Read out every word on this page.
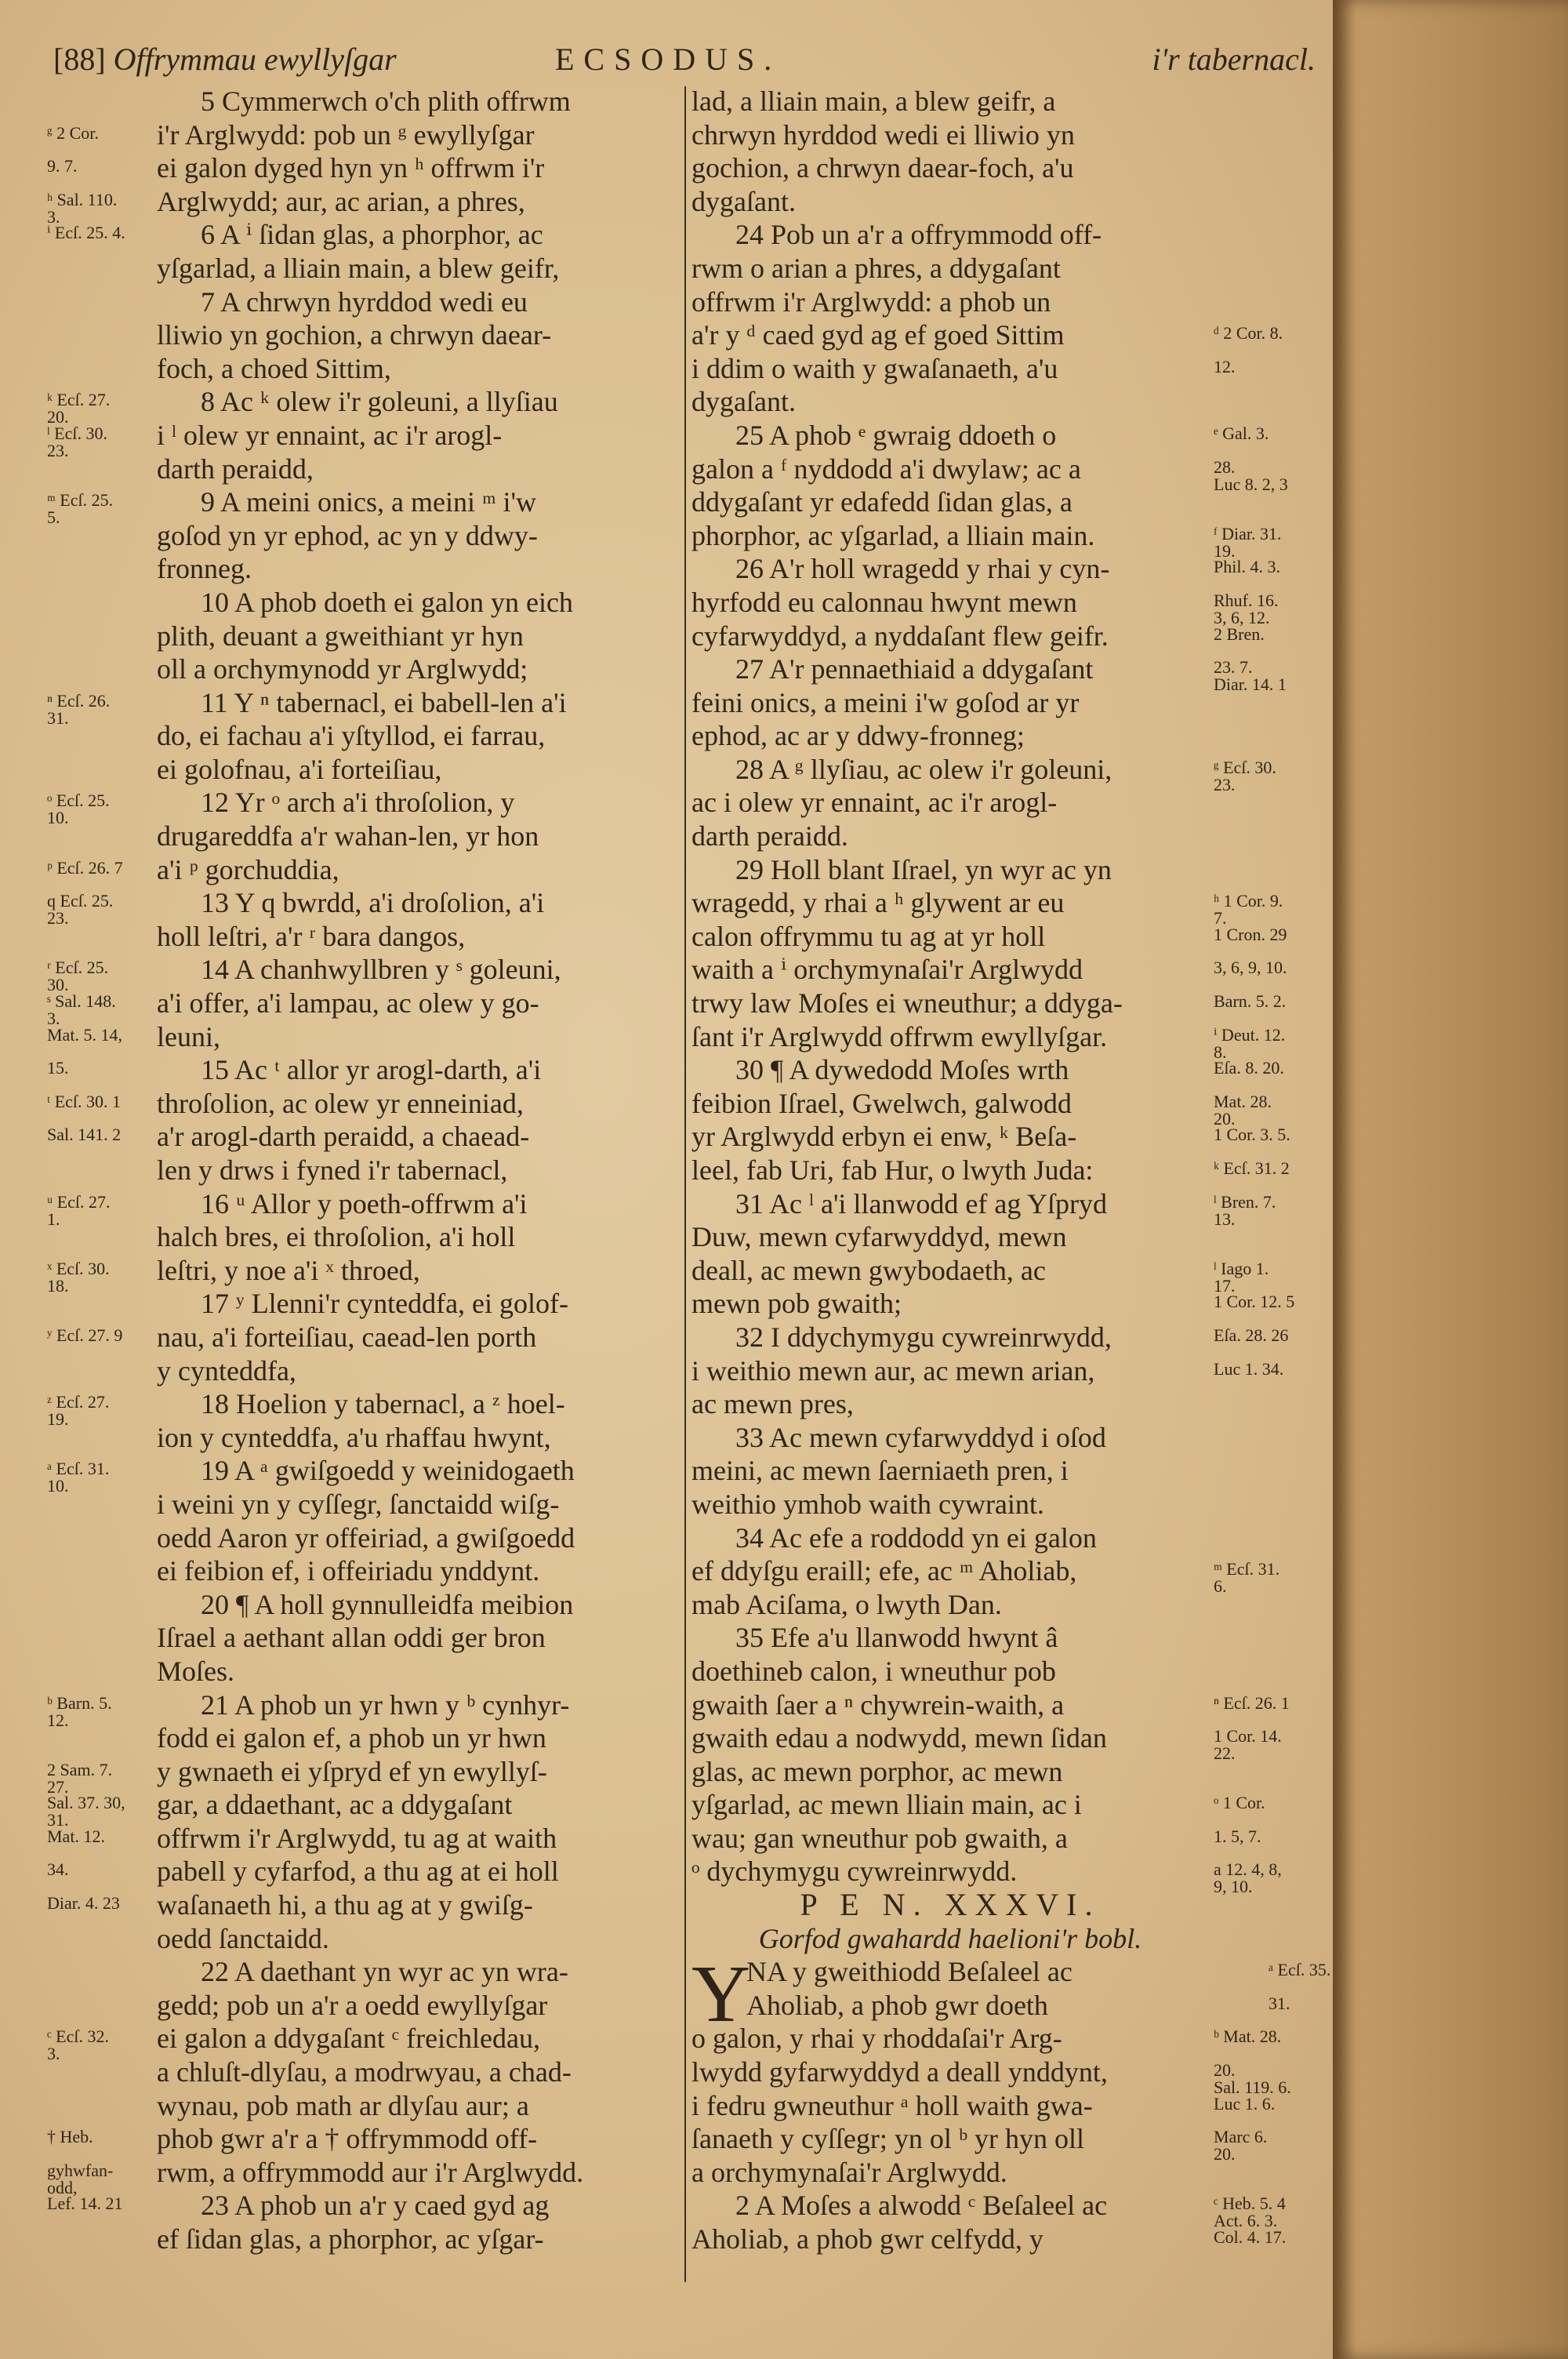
[88] Offrymmau ewyllyſgar	ECSODUS.	i'r tabernacl.
5 Cymmerwch o'ch plith offrwm
ᵍ 2 Cor.	i'r Arglwydd: pob un ᵍ ewyllyſgar
9. 7.	ei galon dyged hyn yn ʰ offrwm i'r
ʰ Sal. 110.
3.	Arglwydd; aur, ac arian, a phres,
ⁱ Ecſ. 25. 4.	6 A ⁱ ſidan glas, a phorphor, ac
yſgarlad, a lliain main, a blew geifr,
7 A chrwyn hyrddod wedi eu
lliwio yn gochion, a chrwyn daear-
foch, a choed Sittim,
ᵏ Ecſ. 27.
20.	8 Ac ᵏ olew i'r goleuni, a llyſiau
ˡ Ecſ. 30.
23.	i ˡ olew yr ennaint, ac i'r arogl-
darth peraidd,
ᵐ Ecſ. 25.
5.	9 A meini onics, a meini ᵐ i'w
goſod yn yr ephod, ac yn y ddwy-
fronneg.
10 A phob doeth ei galon yn eich
plith, deuant a gweithiant yr hyn
oll a orchymynodd yr Arglwydd;
ⁿ Ecſ. 26.
31.	11 Y ⁿ tabernacl, ei babell-len a'i
do, ei fachau a'i yſtyllod, ei farrau,
ei golofnau, a'i forteiſiau,
ᵒ Ecſ. 25.
10.	12 Yr ᵒ arch a'i throſolion, y
drugareddfa a'r wahan-len, yr hon
ᵖ Ecſ. 26. 7	a'i ᵖ gorchuddia,
q Ecſ. 25.
23.	13 Y q bwrdd, a'i droſolion, a'i
holl leſtri, a'r ʳ bara dangos,
ʳ Ecſ. 25.
30.	14 A chanhwyllbren y ˢ goleuni,
ˢ Sal. 148.
3.	a'i offer, a'i lampau, ac olew y go-
Mat. 5. 14,	leuni,
15.	15 Ac ᵗ allor yr arogl-darth, a'i
ᵗ Ecſ. 30. 1	throſolion, ac olew yr enneiniad,
Sal. 141. 2	a'r arogl-darth peraidd, a chaead-
len y drws i fyned i'r tabernacl,
ᵘ Ecſ. 27.
1.	16 ᵘ Allor y poeth-offrwm a'i
halch bres, ei throſolion, a'i holl
ˣ Ecſ. 30.
18.	leſtri, y noe a'i ˣ throed,
17 ʸ Llenni'r cynteddfa, ei golof-
ʸ Ecſ. 27. 9	nau, a'i forteiſiau, caead-len porth
y cynteddfa,
ᶻ Ecſ. 27.
19.	18 Hoelion y tabernacl, a ᶻ hoel-
ion y cynteddfa, a'u rhaffau hwynt,
ᵃ Ecſ. 31.
10.	19 A ᵃ gwiſgoedd y weinidogaeth
i weini yn y cyſſegr, ſanctaidd wiſg-
oedd Aaron yr offeiriad, a gwiſgoedd
ei feibion ef, i offeiriadu ynddynt.
20 ¶ A holl gynnulleidfa meibion
Iſrael a aethant allan oddi ger bron
Moſes.
ᵇ Barn. 5.
12.	21 A phob un yr hwn y ᵇ cynhyr-
fodd ei galon ef, a phob un yr hwn
2 Sam. 7.
27.	y gwnaeth ei yſpryd ef yn ewyllyſ-
Sal. 37. 30,
31.	gar, a ddaethant, ac a ddygaſant
Mat. 12.	offrwm i'r Arglwydd, tu ag at waith
34.	pabell y cyfarfod, a thu ag at ei holl
Diar. 4. 23	waſanaeth hi, a thu ag at y gwiſg-
oedd ſanctaidd.
22 A daethant yn wyr ac yn wra-
gedd; pob un a'r a oedd ewyllyſgar
ᶜ Ecſ. 32.
3.	ei galon a ddygaſant ᶜ freichledau,
a chluſt-dlyſau, a modrwyau, a chad-
wynau, pob math ar dlyſau aur; a
† Heb.	phob gwr a'r a † offrymmodd off-
gyhwfan-
odd,	rwm, a offrymmodd aur i'r Arglwydd.
Lef. 14. 21	23 A phob un a'r y caed gyd ag
ef ſidan glas, a phorphor, ac yſgar-
lad, a lliain main, a blew geifr, a
chrwyn hyrddod wedi ei lliwio yn
gochion, a chrwyn daear-foch, a'u
dygaſant.
24 Pob un a'r a offrymmodd off-
rwm o arian a phres, a ddygaſant
offrwm i'r Arglwydd: a phob un
ᵈ 2 Cor. 8.
a'r y ᵈ caed gyd ag ef goed Sittim
12.
i ddim o waith y gwaſanaeth, a'u
dygaſant.
ᵉ Gal. 3.
25 A phob ᵉ gwraig ddoeth o
28.
Luc 8. 2, 3
galon a ᶠ nyddodd a'i dwylaw; ac a
ddygaſant yr edafedd ſidan glas, a
ᶠ Diar. 31.
19.
phorphor, ac yſgarlad, a lliain main.
Phil. 4. 3.
26 A'r holl wragedd y rhai y cyn-
Rhuf. 16.
3, 6, 12.
hyrfodd eu calonnau hwynt mewn
2 Bren.
cyfarwyddyd, a nyddaſant flew geifr.
23. 7.
Diar. 14. 1
27 A'r pennaethiaid a ddygaſant
feini onics, a meini i'w goſod ar yr
ephod, ac ar y ddwy-fronneg;
ᵍ Ecſ. 30.
23.
28 A ᵍ llyſiau, ac olew i'r goleuni,
ac i olew yr ennaint, ac i'r arogl-
darth peraidd.
29 Holl blant Iſrael, yn wyr ac yn
ʰ 1 Cor. 9.
7.
wragedd, y rhai a ʰ glywent ar eu
1 Cron. 29
calon offrymmu tu ag at yr holl
3, 6, 9, 10.
waith a ⁱ orchymynaſai'r Arglwydd
Barn. 5. 2.
trwy law Moſes ei wneuthur; a ddyga-
ⁱ Deut. 12.
8.
ſant i'r Arglwydd offrwm ewyllyſgar.
Eſa. 8. 20.
30 ¶ A dywedodd Moſes wrth
Mat. 28.
20.
feibion Iſrael, Gwelwch, galwodd
1 Cor. 3. 5.
yr Arglwydd erbyn ei enw, ᵏ Beſa-
ᵏ Ecſ. 31. 2
leel, fab Uri, fab Hur, o lwyth Juda:
ˡ Bren. 7.
13.
31 Ac ˡ a'i llanwodd ef ag Yſpryd
Duw, mewn cyfarwyddyd, mewn
ˡ Iago 1.
17.
deall, ac mewn gwybodaeth, ac
1 Cor. 12. 5
mewn pob gwaith;
Eſa. 28. 26
32 I ddychymygu cywreinrwydd,
Luc 1. 34.
i weithio mewn aur, ac mewn arian,
ac mewn pres,
33 Ac mewn cyfarwyddyd i oſod
meini, ac mewn ſaerniaeth pren, i
weithio ymhob waith cywraint.
34 Ac efe a roddodd yn ei galon
ᵐ Ecſ. 31.
6.
ef ddyſgu eraill; efe, ac ᵐ Aholiab,
mab Aciſama, o lwyth Dan.
35 Efe a'u llanwodd hwynt â
doethineb calon, i wneuthur pob
ⁿ Ecſ. 26. 1
gwaith ſaer a ⁿ chywrein-waith, a
1 Cor. 14.
22.
gwaith edau a nodwydd, mewn ſidan
glas, ac mewn porphor, ac mewn
ᵒ 1 Cor.
yſgarlad, ac mewn lliain main, ac i
1. 5, 7.
wau; gan wneuthur pob gwaith, a
a 12. 4, 8,
9, 10.
ᵒ dychymygu cywreinrwydd.
P E N. XXXVI.
Gorfod gwahardd haelioni'r bobl.
ᵃ Ecſ. 35.
NA y gweithiodd Beſaleel ac
Y	31.
Aholiab, a phob gwr doeth
ᵇ Mat. 28.
o galon, y rhai y rhoddaſai'r Arg-
20.
Sal. 119. 6.
lwydd gyfarwyddyd a deall ynddynt,
Luc 1. 6.
i fedru gwneuthur ᵃ holl waith gwa-
Marc 6.
20.
ſanaeth y cyſſegr; yn ol ᵇ yr hyn oll
a orchymynaſai'r Arglwydd.
ᶜ Heb. 5. 4
Act. 6. 3.
2 A Moſes a alwodd ᶜ Beſaleel ac
Col. 4. 17.
Aholiab, a phob gwr celfydd, y
